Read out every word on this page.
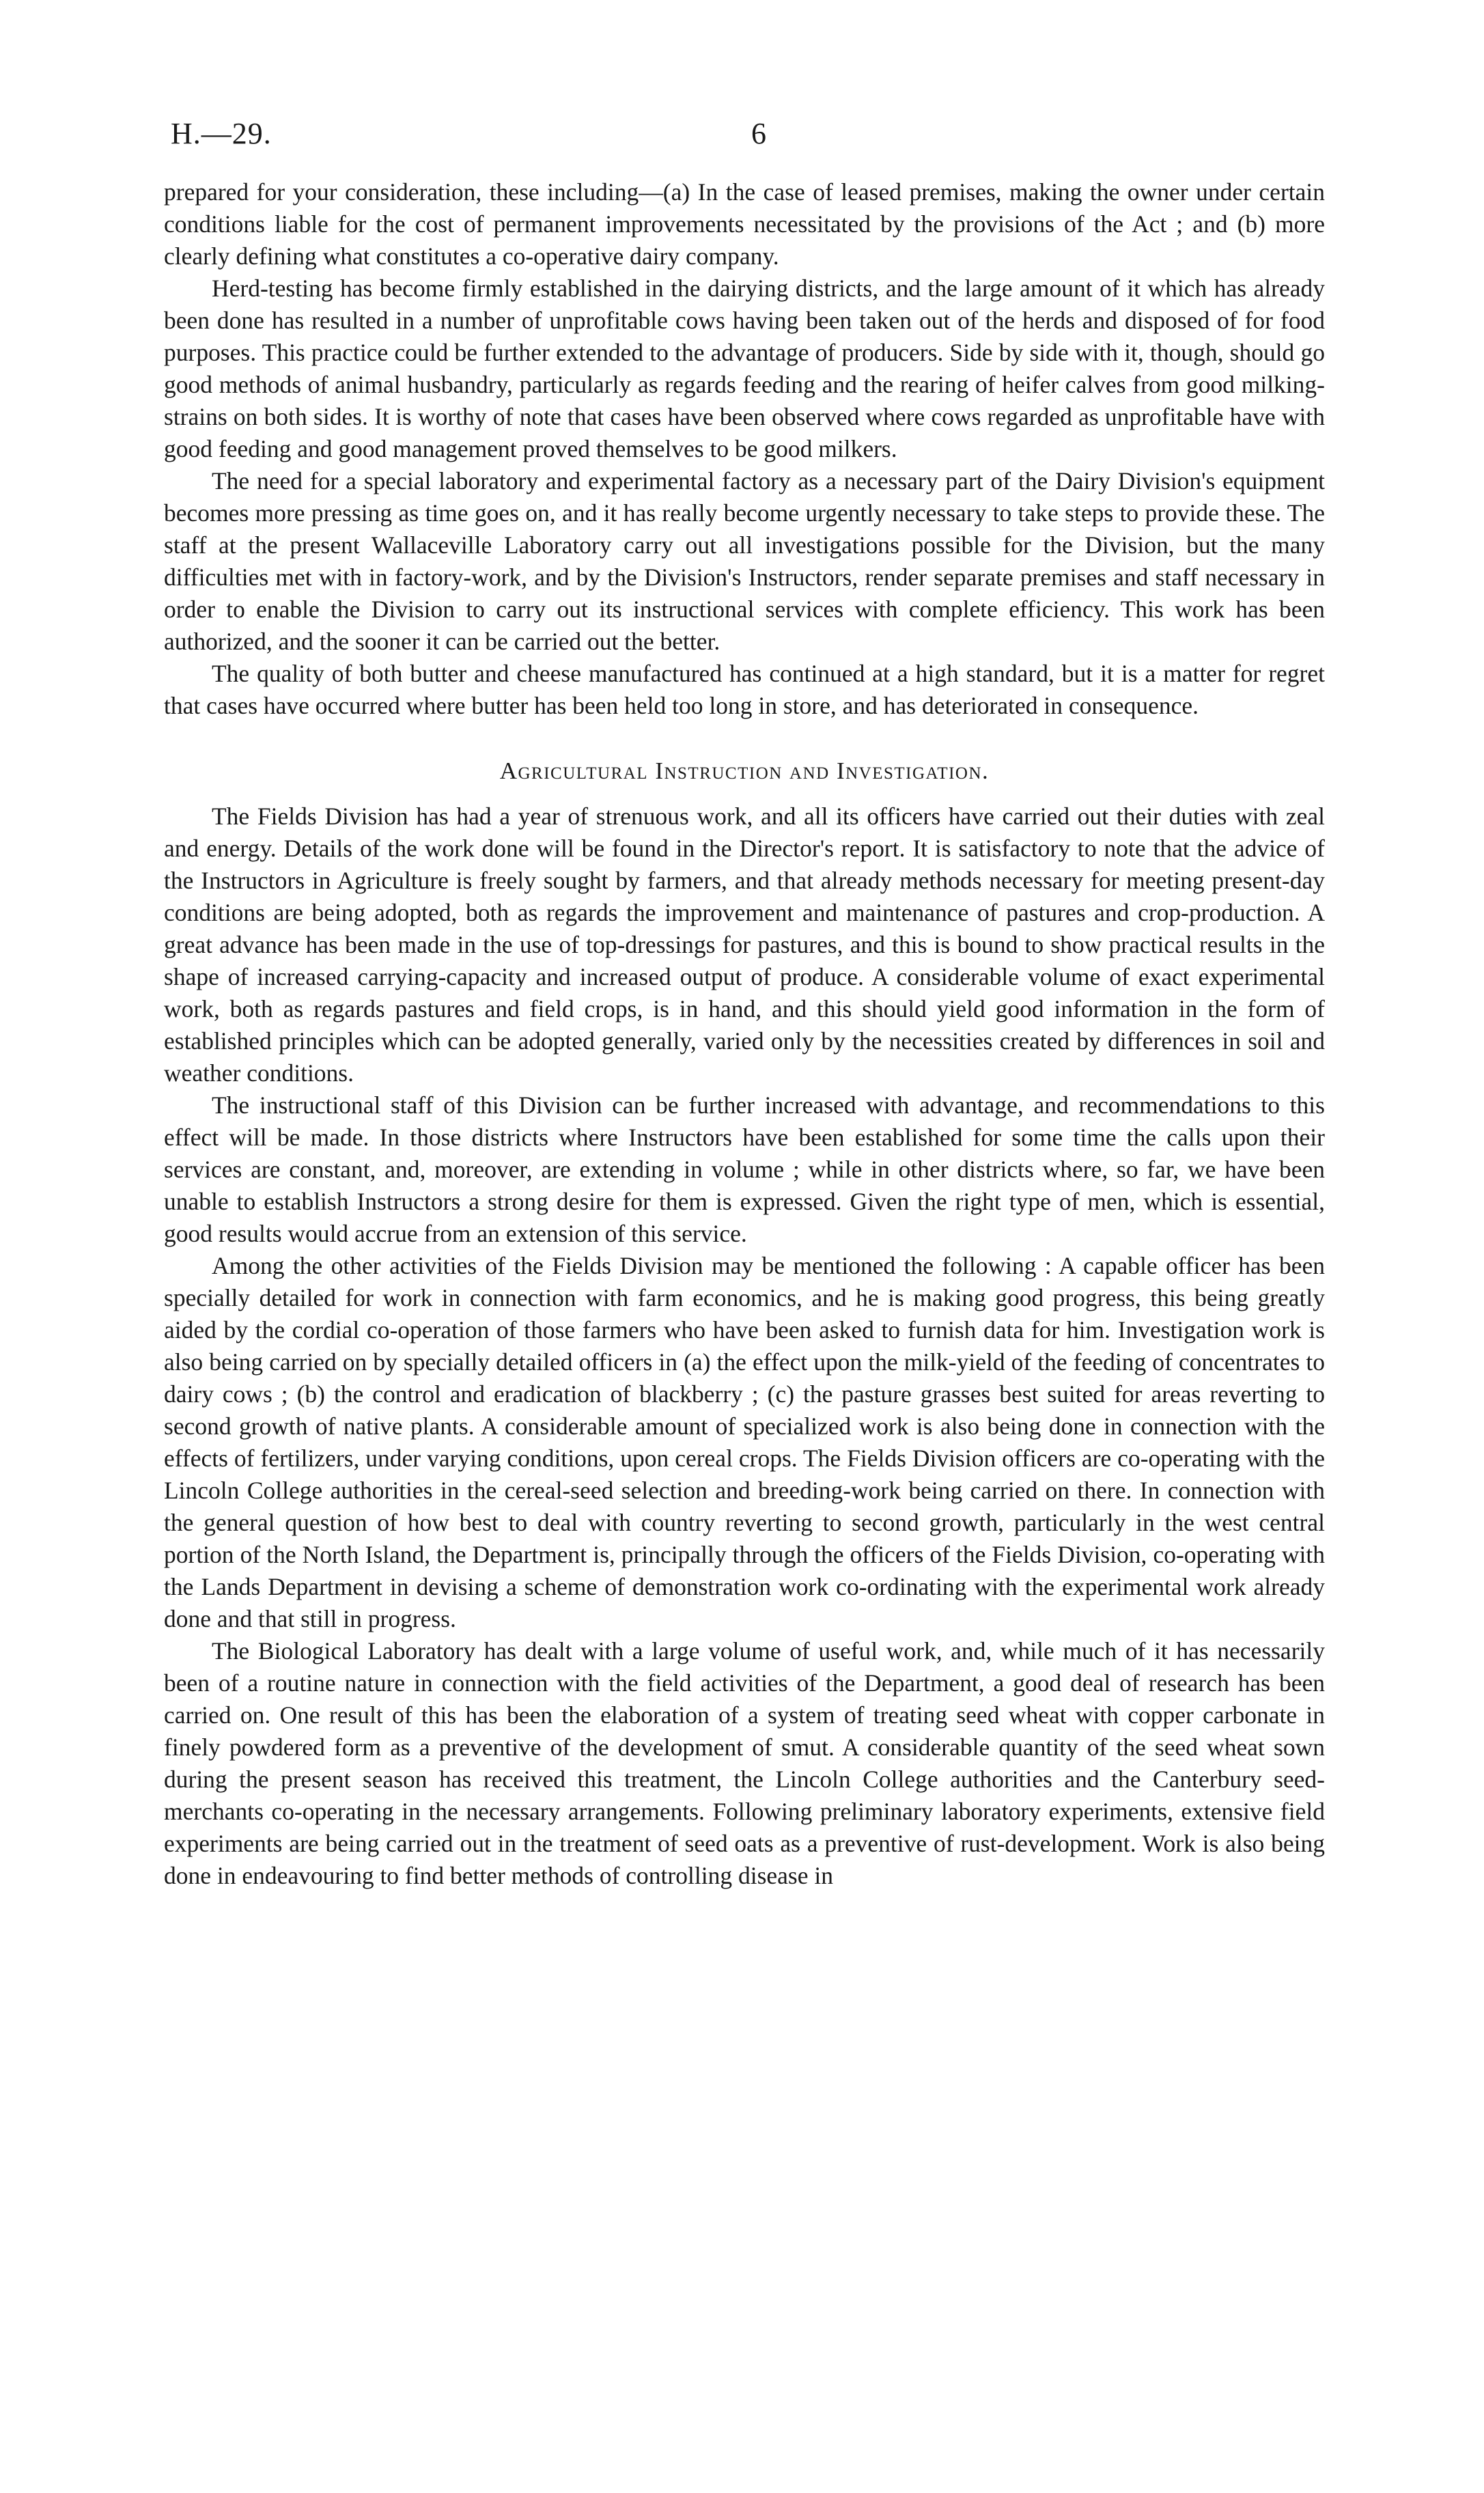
H.—29.	6

prepared for your consideration, these including—(a) In the case of leased premises, making the owner under certain conditions liable for the cost of permanent improvements necessitated by the provisions of the Act ; and (b) more clearly defining what constitutes a co-operative dairy company.

Herd-testing has become firmly established in the dairying districts, and the large amount of it which has already been done has resulted in a number of unprofitable cows having been taken out of the herds and disposed of for food purposes. This practice could be further extended to the advantage of producers. Side by side with it, though, should go good methods of animal husbandry, particularly as regards feeding and the rearing of heifer calves from good milking-strains on both sides. It is worthy of note that cases have been observed where cows regarded as unprofitable have with good feeding and good management proved themselves to be good milkers.

The need for a special laboratory and experimental factory as a necessary part of the Dairy Division's equipment becomes more pressing as time goes on, and it has really become urgently necessary to take steps to provide these. The staff at the present Wallaceville Laboratory carry out all investigations possible for the Division, but the many difficulties met with in factory-work, and by the Division's Instructors, render separate premises and staff necessary in order to enable the Division to carry out its instructional services with complete efficiency. This work has been authorized, and the sooner it can be carried out the better.

The quality of both butter and cheese manufactured has continued at a high standard, but it is a matter for regret that cases have occurred where butter has been held too long in store, and has deteriorated in consequence.

Agricultural Instruction and Investigation.

The Fields Division has had a year of strenuous work, and all its officers have carried out their duties with zeal and energy. Details of the work done will be found in the Director's report. It is satisfactory to note that the advice of the Instructors in Agriculture is freely sought by farmers, and that already methods necessary for meeting present-day conditions are being adopted, both as regards the improvement and maintenance of pastures and crop-production. A great advance has been made in the use of top-dressings for pastures, and this is bound to show practical results in the shape of increased carrying-capacity and increased output of produce. A considerable volume of exact experimental work, both as regards pastures and field crops, is in hand, and this should yield good information in the form of established principles which can be adopted generally, varied only by the necessities created by differences in soil and weather conditions.

The instructional staff of this Division can be further increased with advantage, and recommendations to this effect will be made. In those districts where Instructors have been established for some time the calls upon their services are constant, and, moreover, are extending in volume ; while in other districts where, so far, we have been unable to establish Instructors a strong desire for them is expressed. Given the right type of men, which is essential, good results would accrue from an extension of this service.

Among the other activities of the Fields Division may be mentioned the following : A capable officer has been specially detailed for work in connection with farm economics, and he is making good progress, this being greatly aided by the cordial co-operation of those farmers who have been asked to furnish data for him. Investigation work is also being carried on by specially detailed officers in (a) the effect upon the milk-yield of the feeding of concentrates to dairy cows ; (b) the control and eradication of blackberry ; (c) the pasture grasses best suited for areas reverting to second growth of native plants. A considerable amount of specialized work is also being done in connection with the effects of fertilizers, under varying conditions, upon cereal crops. The Fields Division officers are co-operating with the Lincoln College authorities in the cereal-seed selection and breeding-work being carried on there. In connection with the general question of how best to deal with country reverting to second growth, particularly in the west central portion of the North Island, the Department is, principally through the officers of the Fields Division, co-operating with the Lands Department in devising a scheme of demonstration work co-ordinating with the experimental work already done and that still in progress.

The Biological Laboratory has dealt with a large volume of useful work, and, while much of it has necessarily been of a routine nature in connection with the field activities of the Department, a good deal of research has been carried on. One result of this has been the elaboration of a system of treating seed wheat with copper carbonate in finely powdered form as a preventive of the development of smut. A considerable quantity of the seed wheat sown during the present season has received this treatment, the Lincoln College authorities and the Canterbury seed-merchants co-operating in the necessary arrangements. Following preliminary laboratory experiments, extensive field experiments are being carried out in the treatment of seed oats as a preventive of rust-development. Work is also being done in endeavouring to find better methods of controlling disease in
